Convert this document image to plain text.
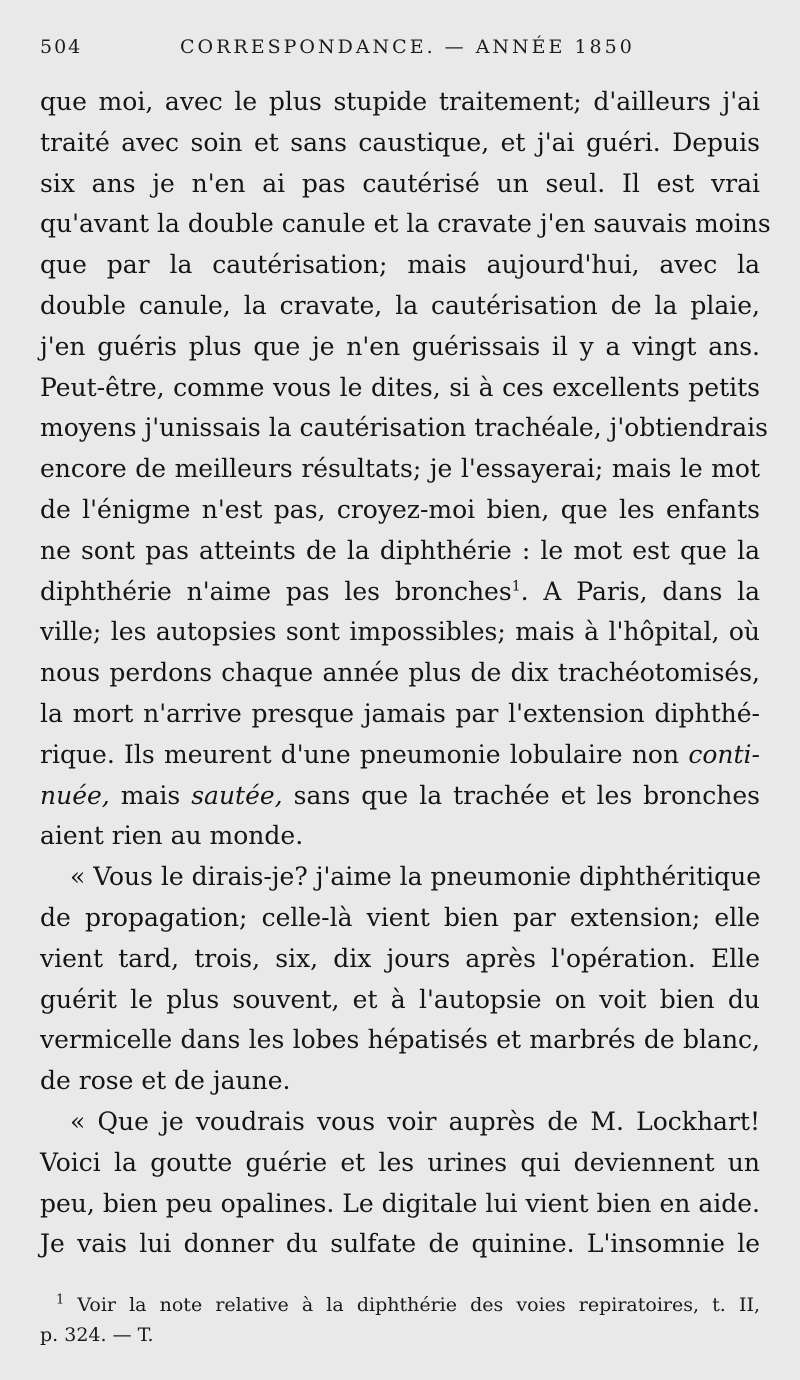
504	CORRESPONDANCE. — ANNÉE 1850
que moi, avec le plus stupide traitement; d'ailleurs j'ai
traité avec soin et sans caustique, et j'ai guéri. Depuis
six ans je n'en ai pas cautérisé un seul. Il est vrai
qu'avant la double canule et la cravate j'en sauvais moins
que par la cautérisation; mais aujourd'hui, avec la
double canule, la cravate, la cautérisation de la plaie,
j'en guéris plus que je n'en guérissais il y a vingt ans.
Peut-être, comme vous le dites, si à ces excellents petits
moyens j'unissais la cautérisation trachéale, j'obtiendrais
encore de meilleurs résultats; je l'essayerai; mais le mot
de l'énigme n'est pas, croyez-moi bien, que les enfants
ne sont pas atteints de la diphthérie : le mot est que la
diphthérie n'aime pas les bronches$^1$. A Paris, dans la
ville; les autopsies sont impossibles; mais à l'hôpital, où
nous perdons chaque année plus de dix trachéotomisés,
la mort n'arrive presque jamais par l'extension diphthé-
rique. Ils meurent d'une pneumonie lobulaire non conti-
nuée, mais sautée, sans que la trachée et les bronches
aient rien au monde.
« Vous le dirais-je? j'aime la pneumonie diphthéritique
de propagation; celle-là vient bien par extension; elle
vient tard, trois, six, dix jours après l'opération. Elle
guérit le plus souvent, et à l'autopsie on voit bien du
vermicelle dans les lobes hépatisés et marbrés de blanc,
de rose et de jaune.
« Que je voudrais vous voir auprès de M. Lockhart!
Voici la goutte guérie et les urines qui deviennent un
peu, bien peu opalines. Le digitale lui vient bien en aide.
Je vais lui donner du sulfate de quinine. L'insomnie le
$^1$ Voir la note relative à la diphthérie des voies repiratoires, t. II,
p. 324. — T.
